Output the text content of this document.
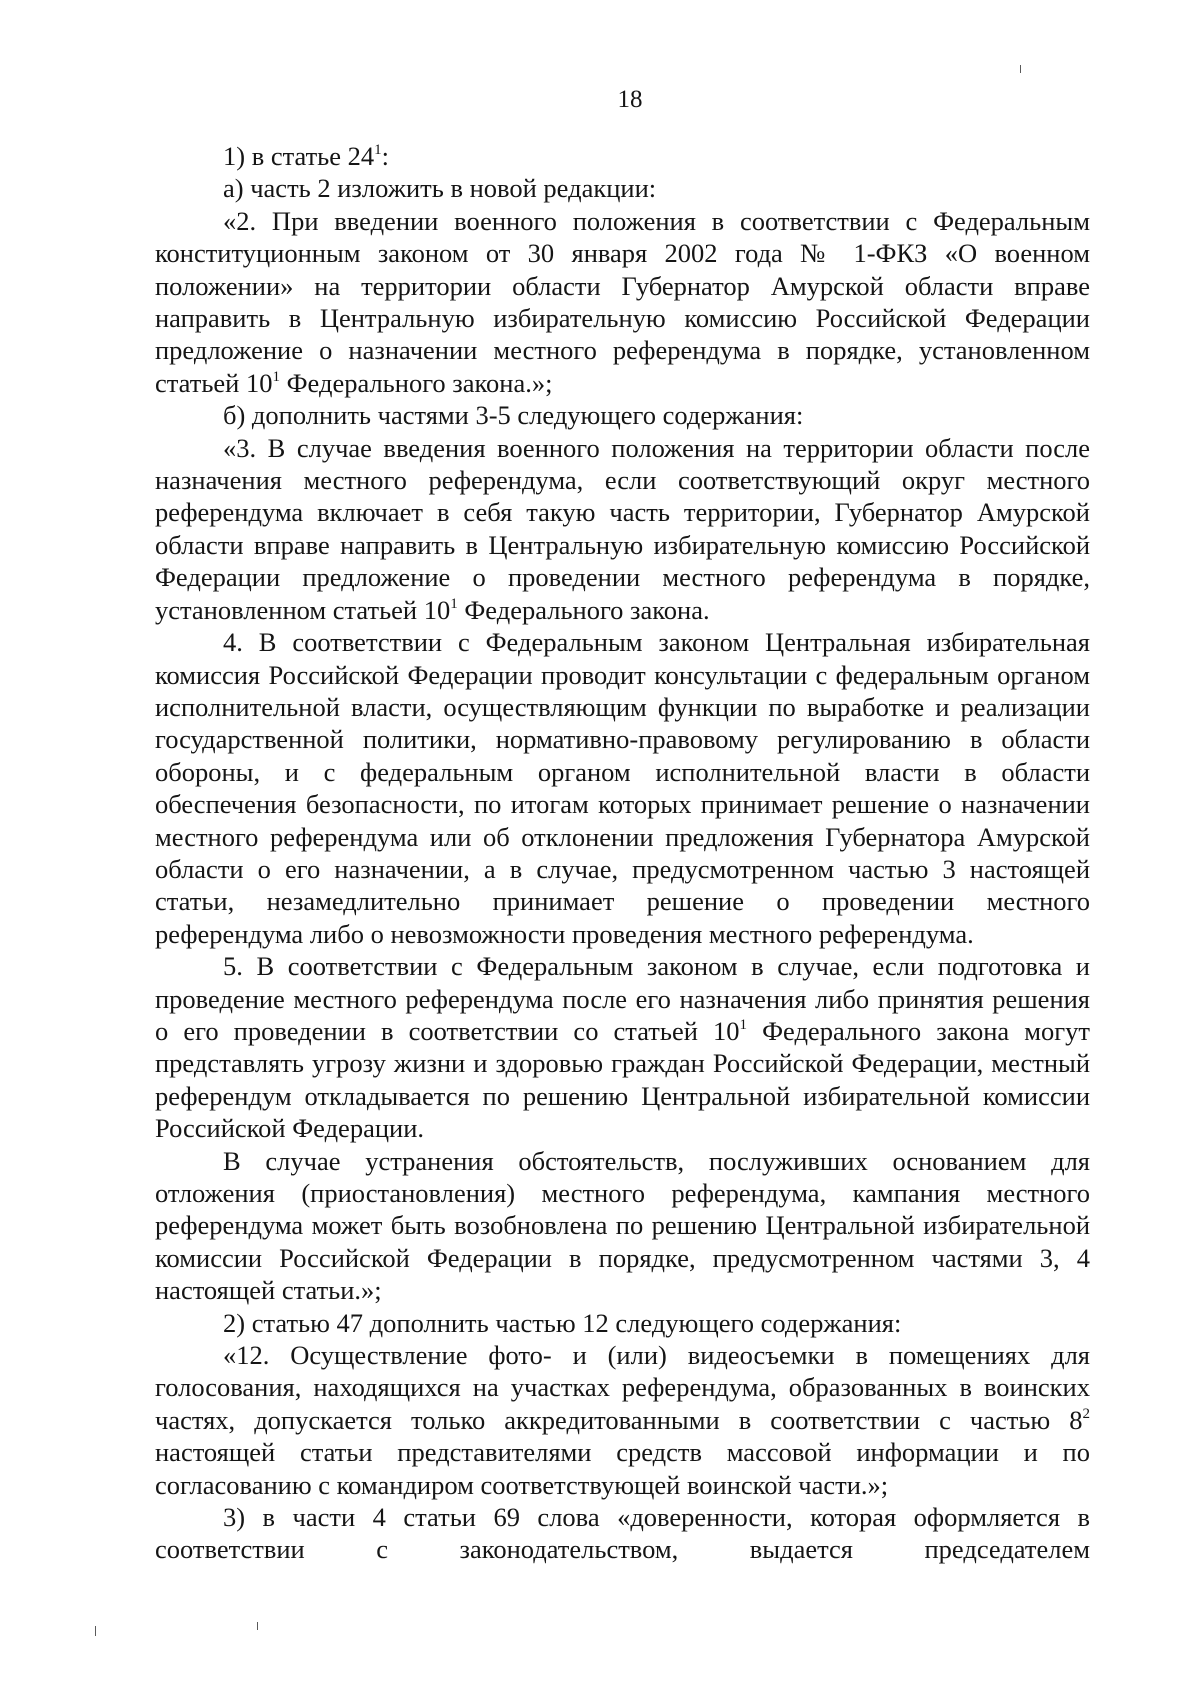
18

1) в статье $24^1$:

а) часть 2 изложить в новой редакции:

«2. При введении военного положения в соответствии с Федеральным конституционным законом от 30 января 2002 года № 1-ФКЗ «О военном положении» на территории области Губернатор Амурской области вправе направить в Центральную избирательную комиссию Российской Федерации предложение о назначении местного референдума в порядке, установленном статьей $10^1$ Федерального закона.»;

б) дополнить частями 3-5 следующего содержания:

«3. В случае введения военного положения на территории области после назначения местного референдума, если соответствующий округ местного референдума включает в себя такую часть территории, Губернатор Амурской области вправе направить в Центральную избирательную комиссию Российской Федерации предложение о проведении местного референдума в порядке, установленном статьей $10^1$ Федерального закона.

4. В соответствии с Федеральным законом Центральная избирательная комиссия Российской Федерации проводит консультации с федеральным органом исполнительной власти, осуществляющим функции по выработке и реализации государственной политики, нормативно-правовому регулированию в области обороны, и с федеральным органом исполнительной власти в области обеспечения безопасности, по итогам которых принимает решение о назначении местного референдума или об отклонении предложения Губернатора Амурской области о его назначении, а в случае, предусмотренном частью 3 настоящей статьи, незамедлительно принимает решение о проведении местного референдума либо о невозможности проведения местного референдума.

5. В соответствии с Федеральным законом в случае, если подготовка и проведение местного референдума после его назначения либо принятия решения о его проведении в соответствии со статьей $10^1$ Федерального закона могут представлять угрозу жизни и здоровью граждан Российской Федерации, местный референдум откладывается по решению Центральной избирательной комиссии Российской Федерации.

В случае устранения обстоятельств, послуживших основанием для отложения (приостановления) местного референдума, кампания местного референдума может быть возобновлена по решению Центральной избирательной комиссии Российской Федерации в порядке, предусмотренном частями 3, 4 настоящей статьи.»;

2) статью 47 дополнить частью 12 следующего содержания:

«12. Осуществление фото- и (или) видеосъемки в помещениях для голосования, находящихся на участках референдума, образованных в воинских частях, допускается только аккредитованными в соответствии с частью $8^2$ настоящей статьи представителями средств массовой информации и по согласованию с командиром соответствующей воинской части.»;

3) в части 4 статьи 69 слова «доверенности, которая оформляется в соответствии с законодательством, выдается председателем
